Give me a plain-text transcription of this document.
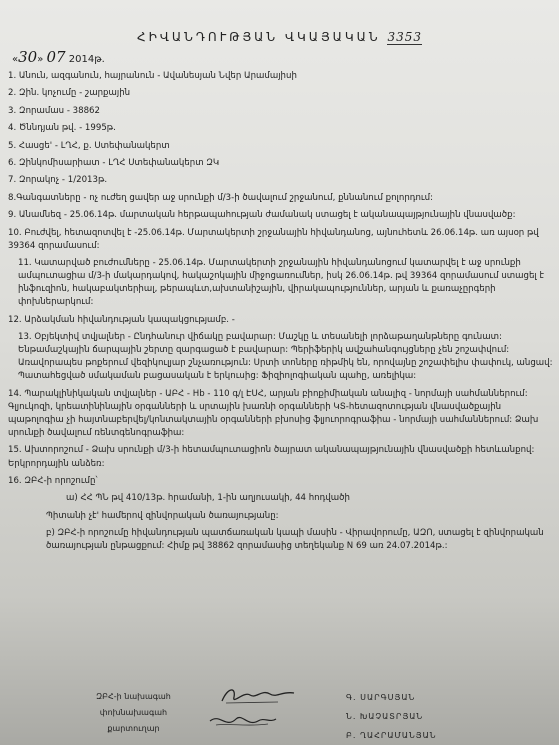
ՀԻՎԱՆԴՈՒԹՅԱՆ ՎԿԱՅԱԿԱՆ 3353
«30» 07 2014թ.
1. Անուն, ազգանուն, հայրանուն - Ավանեսյան Նվեր Արամայիսի
2. Զին. կոչումը - շարքային
3. Զորամաս - 38862
4. Ծննդյան թվ. - 1995թ.
5. Հասցե' - ԼՂՀ, ք. Ստեփանակերտ
6. Զինկոմիսարիատ - ԼՂՀ Ստեփանակերտ ԶԿ
7. Զորակոչ - 1/2013թ.
8.Գանգատները - ոչ ուժեղ ցավեր աջ սրունքի մ/3-ի ծավալում շրջանում, քննանում քոլորդում:
9. Անամնեզ - 25.06.14թ. մարտական հերթապահության ժամանակ ստացել է ականապայթյունային վնասվածք:
10. Բուժվել, հետազոտվել է -25.06.14թ. Մարտակերտի շրջանային հիվանդանոց, այնուհետև 26.06.14թ. առ այսօր թվ 39364 զորամասում:
11. Կատարված բուժումները - 25.06.14թ. Մարտակերտի շրջանային հիվանդանոցում կատարվել է աջ սրունքի ամպուտացիա մ/3-ի մակարդակով, հակաշոկային միջոցառումներ, իսկ 26.06.14թ. թվ 39364 զորամասում ստացել է ինֆուզիոն, հակաբակտերիալ, թերապևտ,ախտանիշային, վիրակապություններ, արյան և քառաչըրգերի փոխներարկում:
12. Արձակման հիվանդության կապակցությամբ. -
13. Օբյեկտիվ տվյալներ - Ընդհանուր վիճակը բավարար: Մաշկը և տեսանելի լորձաթաղանթները գունատ: Ենթամաշկային ճարպային շերտը զարգացած է բավարար: Պերիֆերիկ ավշահանգույցները չեն շոշափվում: Առավորապես թոքերում վեզիկուլյար շնչառություն: Սրտի տոները ռիթմիկ են, որովայնը շոշափելիս փափուկ, անցավ: Պատահեցված սմակաման բացասական է երկուսից: Ֆիզիոլոգիական պահը, առելիկա:
14. Պարակլինիկական տվյալներ - ԱԲՀ - Hb - 110 գ/լ ԷՍՀ, արյան բիոքիմիական անալիզ - նորմայի սահմաններում: Գլյուկոզի, կրեատինինային օրգանների և սրտային խառնի օրգանների ԿՏ-հետազոտության վնասվածքային պաթոլոգիա չի հայտնաբերվել/կոնտակտային օրգանների բխոսից ֆլյուորոգրաֆիա - նորմայի սահմաններում: Ձախ սրունքի ծավալում ռենտգենոգրաֆիա:
15. Ախտորոշում - Ձախ սրունքի մ/3-ի հետամպուտացիոն ծայրատ ականապայթյունային վնասվածքի հետևանքով: Երկրորդային անձեռ:
16. ԶԲՀ-ի որոշումը՝
ա) ՀՀ ՊՆ թվ 410/13թ. հրամանի, 1-ին աղյուսակի, 44 հոդվածի
Պիտանի չէ' համերով զինվորական ծառայությանը:
բ) ԶԲՀ-ի որոշումը հիվանդության պատճառական կապի մասին - Վիրավորումը, ԱԶՈ, ստացել է զինվորական ծառայության ընթացքում: Հիմք թվ 38862 զորամասից տեղեկանք N 69 առ 24.07.2014թ.:
ԶԲՀ-ի նախագահ
փոխնախագահ
քարտուղար
Գ. ՍԱՐԳՍՅԱՆ
Ն. ԽԱՉԱՏՐՅԱՆ
Բ. ՂԱՀՐԱՄԱՆՅԱՆ
